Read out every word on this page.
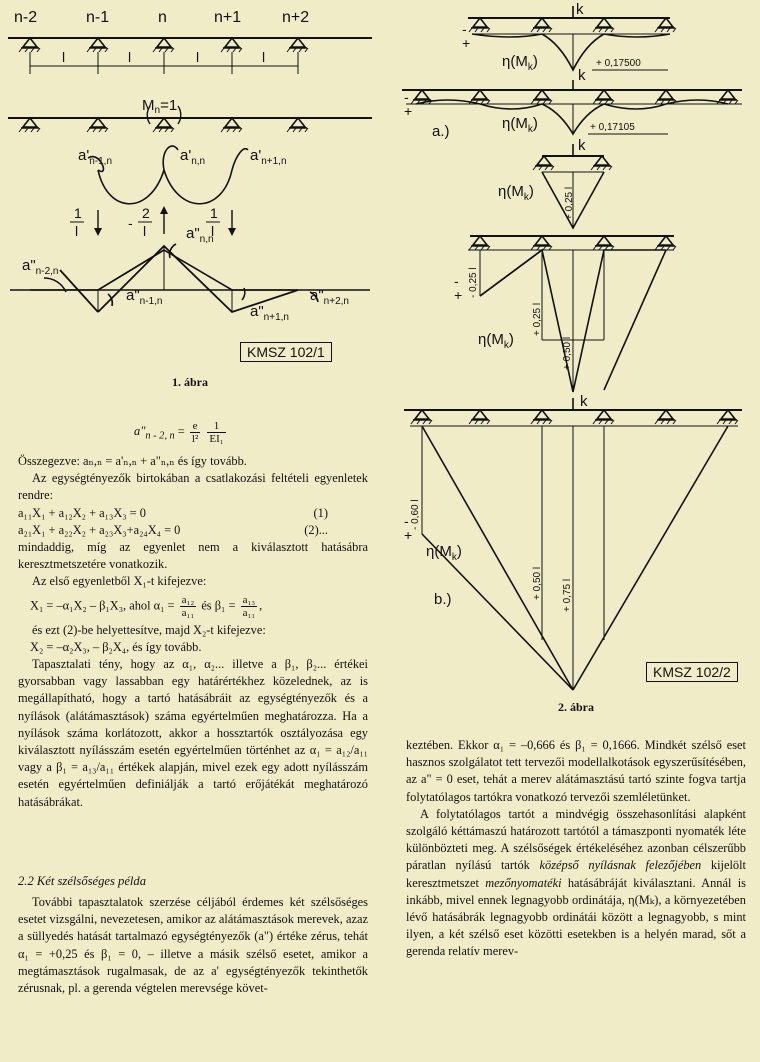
n-2	n-1	n	n+1	n+2
l	l	l	l
$M_n=1$
$a'_{n-1,n}$	$a'_{n,n}$	$a'_{n+1,n}$
1
l	-
2
l
1
l
$a"_{n-2,n}$
$a"_{n,n}$
$a"_{n-1,n}$
$a"_{n+1,n}$
$a"_{n+2,n}$
KMSZ 102/1
1. ábra
$a"_{n - 2, n} = \frac{e}{\text{l²}}$
$\frac{1}{\text{EI₁}}$

Összegezve: aₙ,ₙ = a'ₙ,ₙ + a"ₙ,ₙ és így tovább.

Az egységtényezők birtokában a csatlakozási feltételi egyenletek rendre:

a₁₁X₁ + a₁₂X₂ + a₁₃X₃ = 0	(1)

a₂₁X₁ + a₂₂X₂ + a₂₃X₃+a₂₄X₄ = 0	(2)...

mindaddig, míg az egyenlet nem a kiválasztott hatásábra keresztmetszetére vonatkozik.

Az első egyenletből X₁-t kifejezve:

X₁ = –α₁X₂ – β₁X₃, ahol $\alpha_1 = \frac{\text{a₁₂}}{\text{a₁₁}}$ és $\beta_1 = \frac{\text{a₁₃}}{\text{a₁₁}}$ ,

és ezt (2)-be helyettesítve, majd X₂-t kifejezve:

X₂ = –α₂X₃, – β₂X₄, és így tovább.

Tapasztalati tény, hogy az α₁, α₂... illetve a β₁, β₂... értékei gyorsabban vagy lassabban egy határértékhez közelednek, az is megállapítható, hogy a tartó hatásábráit az egységtényezők és a nyílások (alátámasztások) száma egyértelműen meghatározza. Ha a nyílások száma korlátozott, akkor a hossztartók osztályozása egy kiválasztott nyílásszám esetén egyértelműen történhet az α₁ = a₁₂/a₁₁ vagy a β₁ = a₁₃/a₁₁ értékek alapján, mivel ezek egy adott nyílásszám esetén egyértelműen definiálják a tartó erőjátékát meghatározó hatásábrákat.

2.2 Két szélsőséges példa

További tapasztalatok szerzése céljából érdemes két szélsőséges esetet vizsgálni, nevezetesen, amikor az alátámasztások merevek, azaz a süllyedés hatását tartalmazó egységtényezők (a") értéke zérus, tehát α₁ = +0,25 és β₁ = 0, – illetve a másik szélső esetet, amikor a megtámasztások rugalmasak, de az a' egységtényezők tekinthetők zérusnak, pl. a gerenda végtelen merevsége követ-

k
k
k
k
$\eta(M_k)$
$\eta(M_k)$
$\eta(M_k)$
$\eta(M_k)$
$\eta(M_k)$
a.)
b.)
+ 0,17500
+ 0,17105
+ 0,25 l
- 0,25 l
+ 0,25 l
+ 0,50 l
- 0,60 l
+ 0,50 l + 0,75 l
+
-
+
-
+
-
+
-
KMSZ 102/2
2. ábra

keztében. Ekkor α₁ = –0,666 és β₁ = 0,1666. Mindkét szélső eset hasznos szolgálatot tett tervezői modellalkotások egyszerűsítésében, az a" = 0 eset, tehát a merev alátámasztású tartó szinte fogva tartja folytatólagos tartókra vonatkozó tervezői szemléletünket.

A folytatólagos tartót a mindvégig összehasonlítási alapként szolgáló kéttámaszú határozott tartótól a támaszponti nyomaték léte különbözteti meg. A szélsőségek értékeléséhez azonban célszerűbb páratlan nyílású tartók középső nyílásnak felezőjében kijelölt keresztmetszet mezőnyomatéki hatásábráját kiválasztani. Annál is inkább, mivel ennek legnagyobb ordinátája, η(Mₖ), a környezetében lévő hatásábrák legnagyobb ordinátái között a legnagyobb, s mint ilyen, a két szélső eset közötti esetekben is a helyén marad, sőt a gerenda relatív merev-
